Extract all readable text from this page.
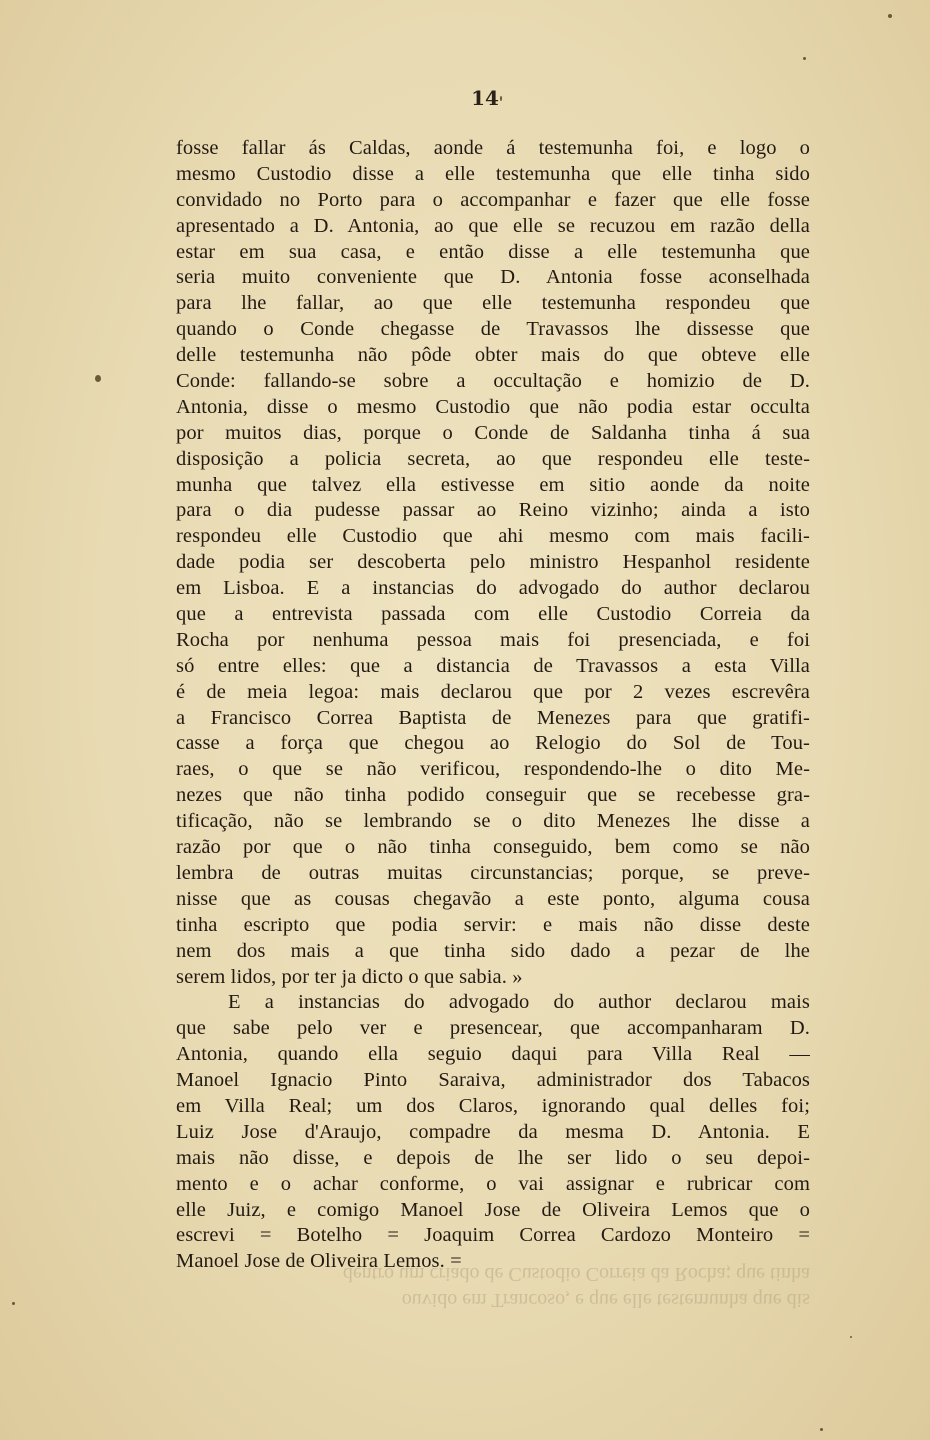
dentro um criado de Custodio Correia da Rocha; que tinha
ouvido em Trancoso, e que elle testemunha que dis
14
fosse fallar ás Caldas, aonde á testemunha foi, e logo o
mesmo Custodio disse a elle testemunha que elle tinha sido
convidado no Porto para o accompanhar e fazer que elle fosse
apresentado a D. Antonia, ao que elle se recuzou em razão della
estar em sua casa, e então disse a elle testemunha que
seria muito conveniente que D. Antonia fosse aconselhada
para lhe fallar, ao que elle testemunha respondeu que
quando o Conde chegasse de Travassos lhe dissesse que
delle testemunha não pôde obter mais do que obteve elle
Conde: fallando-se sobre a occultação e homizio de D.
Antonia, disse o mesmo Custodio que não podia estar occulta
por muitos dias, porque o Conde de Saldanha tinha á sua
disposição a policia secreta, ao que respondeu elle teste-
munha que talvez ella estivesse em sitio aonde da noite
para o dia pudesse passar ao Reino vizinho; ainda a isto
respondeu elle Custodio que ahi mesmo com mais facili-
dade podia ser descoberta pelo ministro Hespanhol residente
em Lisboa. E a instancias do advogado do author declarou
que a entrevista passada com elle Custodio Correia da
Rocha por nenhuma pessoa mais foi presenciada, e foi
só entre elles: que a distancia de Travassos a esta Villa
é de meia legoa: mais declarou que por 2 vezes escrevêra
a Francisco Correa Baptista de Menezes para que gratifi-
casse a força que chegou ao Relogio do Sol de Tou-
raes, o que se não verificou, respondendo-lhe o dito Me-
nezes que não tinha podido conseguir que se recebesse gra-
tificação, não se lembrando se o dito Menezes lhe disse a
razão por que o não tinha conseguido, bem como se não
lembra de outras muitas circunstancias; porque, se preve-
nisse que as cousas chegavão a este ponto, alguma cousa
tinha escripto que podia servir: e mais não disse deste
nem dos mais a que tinha sido dado a pezar de lhe
serem lidos, por ter ja dicto o que sabia. »
E a instancias do advogado do author declarou mais
que sabe pelo ver e presencear, que accompanharam D.
Antonia, quando ella seguio daqui para Villa Real —
Manoel Ignacio Pinto Saraiva, administrador dos Tabacos
em Villa Real; um dos Claros, ignorando qual delles foi;
Luiz Jose d'Araujo, compadre da mesma D. Antonia. E
mais não disse, e depois de lhe ser lido o seu depoi-
mento e o achar conforme, o vai assignar e rubricar com
elle Juiz, e comigo Manoel Jose de Oliveira Lemos que o
escrevi = Botelho = Joaquim Correa Cardozo Monteiro =
Manoel Jose de Oliveira Lemos. =
